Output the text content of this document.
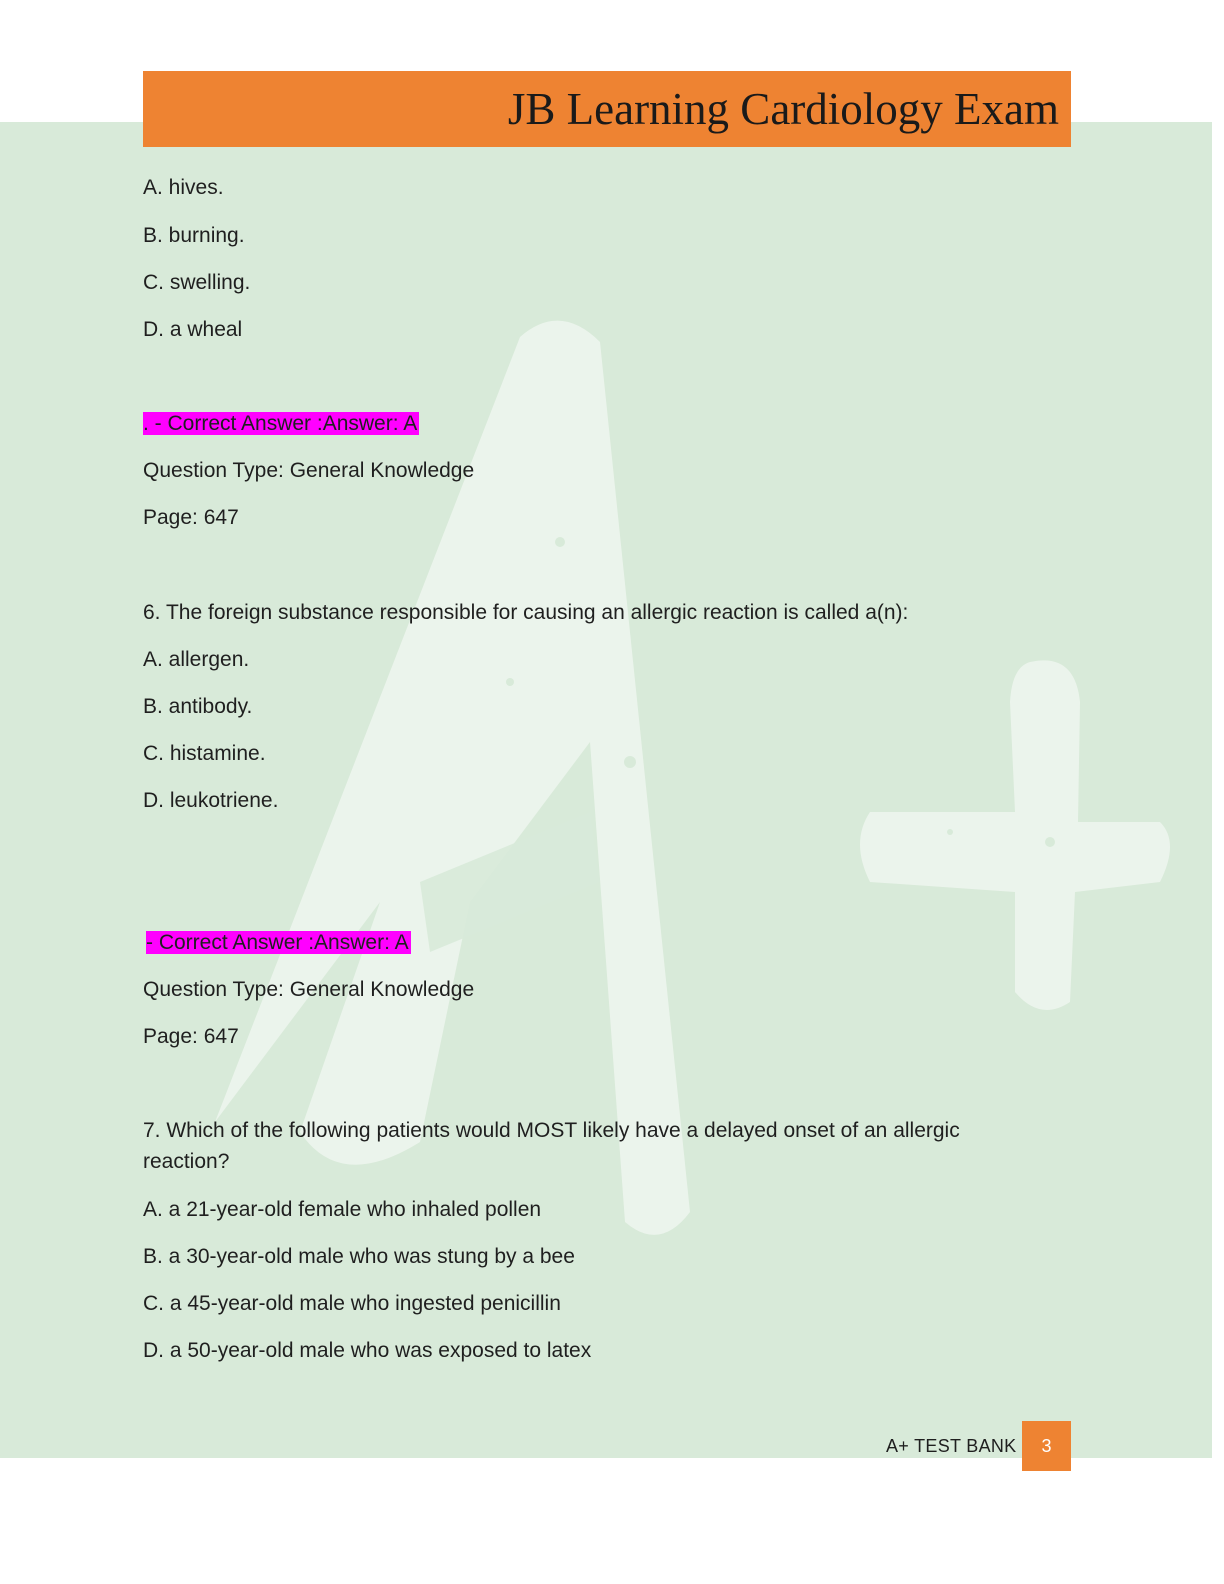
JB Learning Cardiology Exam
A. hives.
B. burning.
C. swelling.
D. a wheal
. - Correct Answer :Answer: A
Question Type: General Knowledge
Page: 647
6. The foreign substance responsible for causing an allergic reaction is called a(n):
A. allergen.
B. antibody.
C. histamine.
D. leukotriene.
- Correct Answer :Answer: A
Question Type: General Knowledge
Page: 647
7. Which of the following patients would MOST likely have a delayed onset of an allergic
reaction?
A. a 21-year-old female who inhaled pollen
B. a 30-year-old male who was stung by a bee
C. a 45-year-old male who ingested penicillin
D. a 50-year-old male who was exposed to latex
A+ TEST BANK	3
